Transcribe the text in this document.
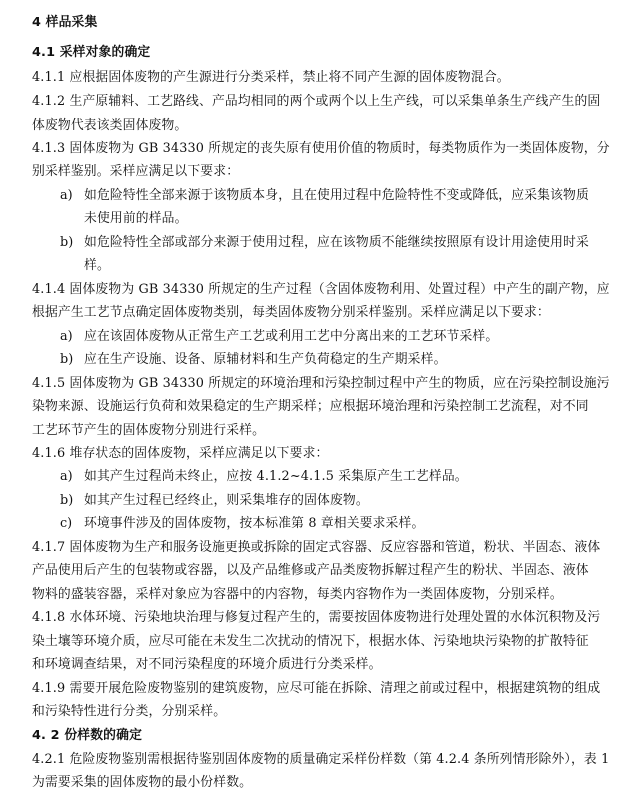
4 样品采集
4.1 采样对象的确定
4.1.1 应根据固体废物的产生源进行分类采样，禁止将不同产生源的固体废物混合。
4.1.2 生产原辅料、工艺路线、产品均相同的两个或两个以上生产线，可以采集单条生产线产生的固
体废物代表该类固体废物。
4.1.3 固体废物为 GB 34330 所规定的丧失原有使用价值的物质时，每类物质作为一类固体废物，分
别采样鉴别。采样应满足以下要求：
a) 如危险特性全部来源于该物质本身，且在使用过程中危险特性不变或降低，应采集该物质
未使用前的样品。
b) 如危险特性全部或部分来源于使用过程，应在该物质不能继续按照原有设计用途使用时采
样。
4.1.4 固体废物为 GB 34330 所规定的生产过程（含固体废物利用、处置过程）中产生的副产物，应
根据产生工艺节点确定固体废物类别，每类固体废物分别采样鉴别。采样应满足以下要求：
a) 应在该固体废物从正常生产工艺或利用工艺中分离出来的工艺环节采样。
b) 应在生产设施、设备、原辅材料和生产负荷稳定的生产期采样。
4.1.5 固体废物为 GB 34330 所规定的环境治理和污染控制过程中产生的物质，应在污染控制设施污
染物来源、设施运行负荷和效果稳定的生产期采样；应根据环境治理和污染控制工艺流程，对不同
工艺环节产生的固体废物分别进行采样。
4.1.6 堆存状态的固体废物，采样应满足以下要求：
a) 如其产生过程尚未终止，应按 4.1.2~4.1.5 采集原产生工艺样品。
b) 如其产生过程已经终止，则采集堆存的固体废物。
c) 环境事件涉及的固体废物，按本标准第 8 章相关要求采样。
4.1.7 固体废物为生产和服务设施更换或拆除的固定式容器、反应容器和管道，粉状、半固态、液体
产品使用后产生的包装物或容器，以及产品维修或产品类废物拆解过程产生的粉状、半固态、液体
物料的盛装容器，采样对象应为容器中的内容物，每类内容物作为一类固体废物，分别采样。
4.1.8 水体环境、污染地块治理与修复过程产生的，需要按固体废物进行处理处置的水体沉积物及污
染土壤等环境介质，应尽可能在未发生二次扰动的情况下，根据水体、污染地块污染物的扩散特征
和环境调查结果，对不同污染程度的环境介质进行分类采样。
4.1.9 需要开展危险废物鉴别的建筑废物，应尽可能在拆除、清理之前或过程中，根据建筑物的组成
和污染特性进行分类，分别采样。
4. 2 份样数的确定
4.2.1 危险废物鉴别需根据待鉴别固体废物的质量确定采样份样数（第 4.2.4 条所列情形除外），表 1
为需要采集的固体废物的最小份样数。
